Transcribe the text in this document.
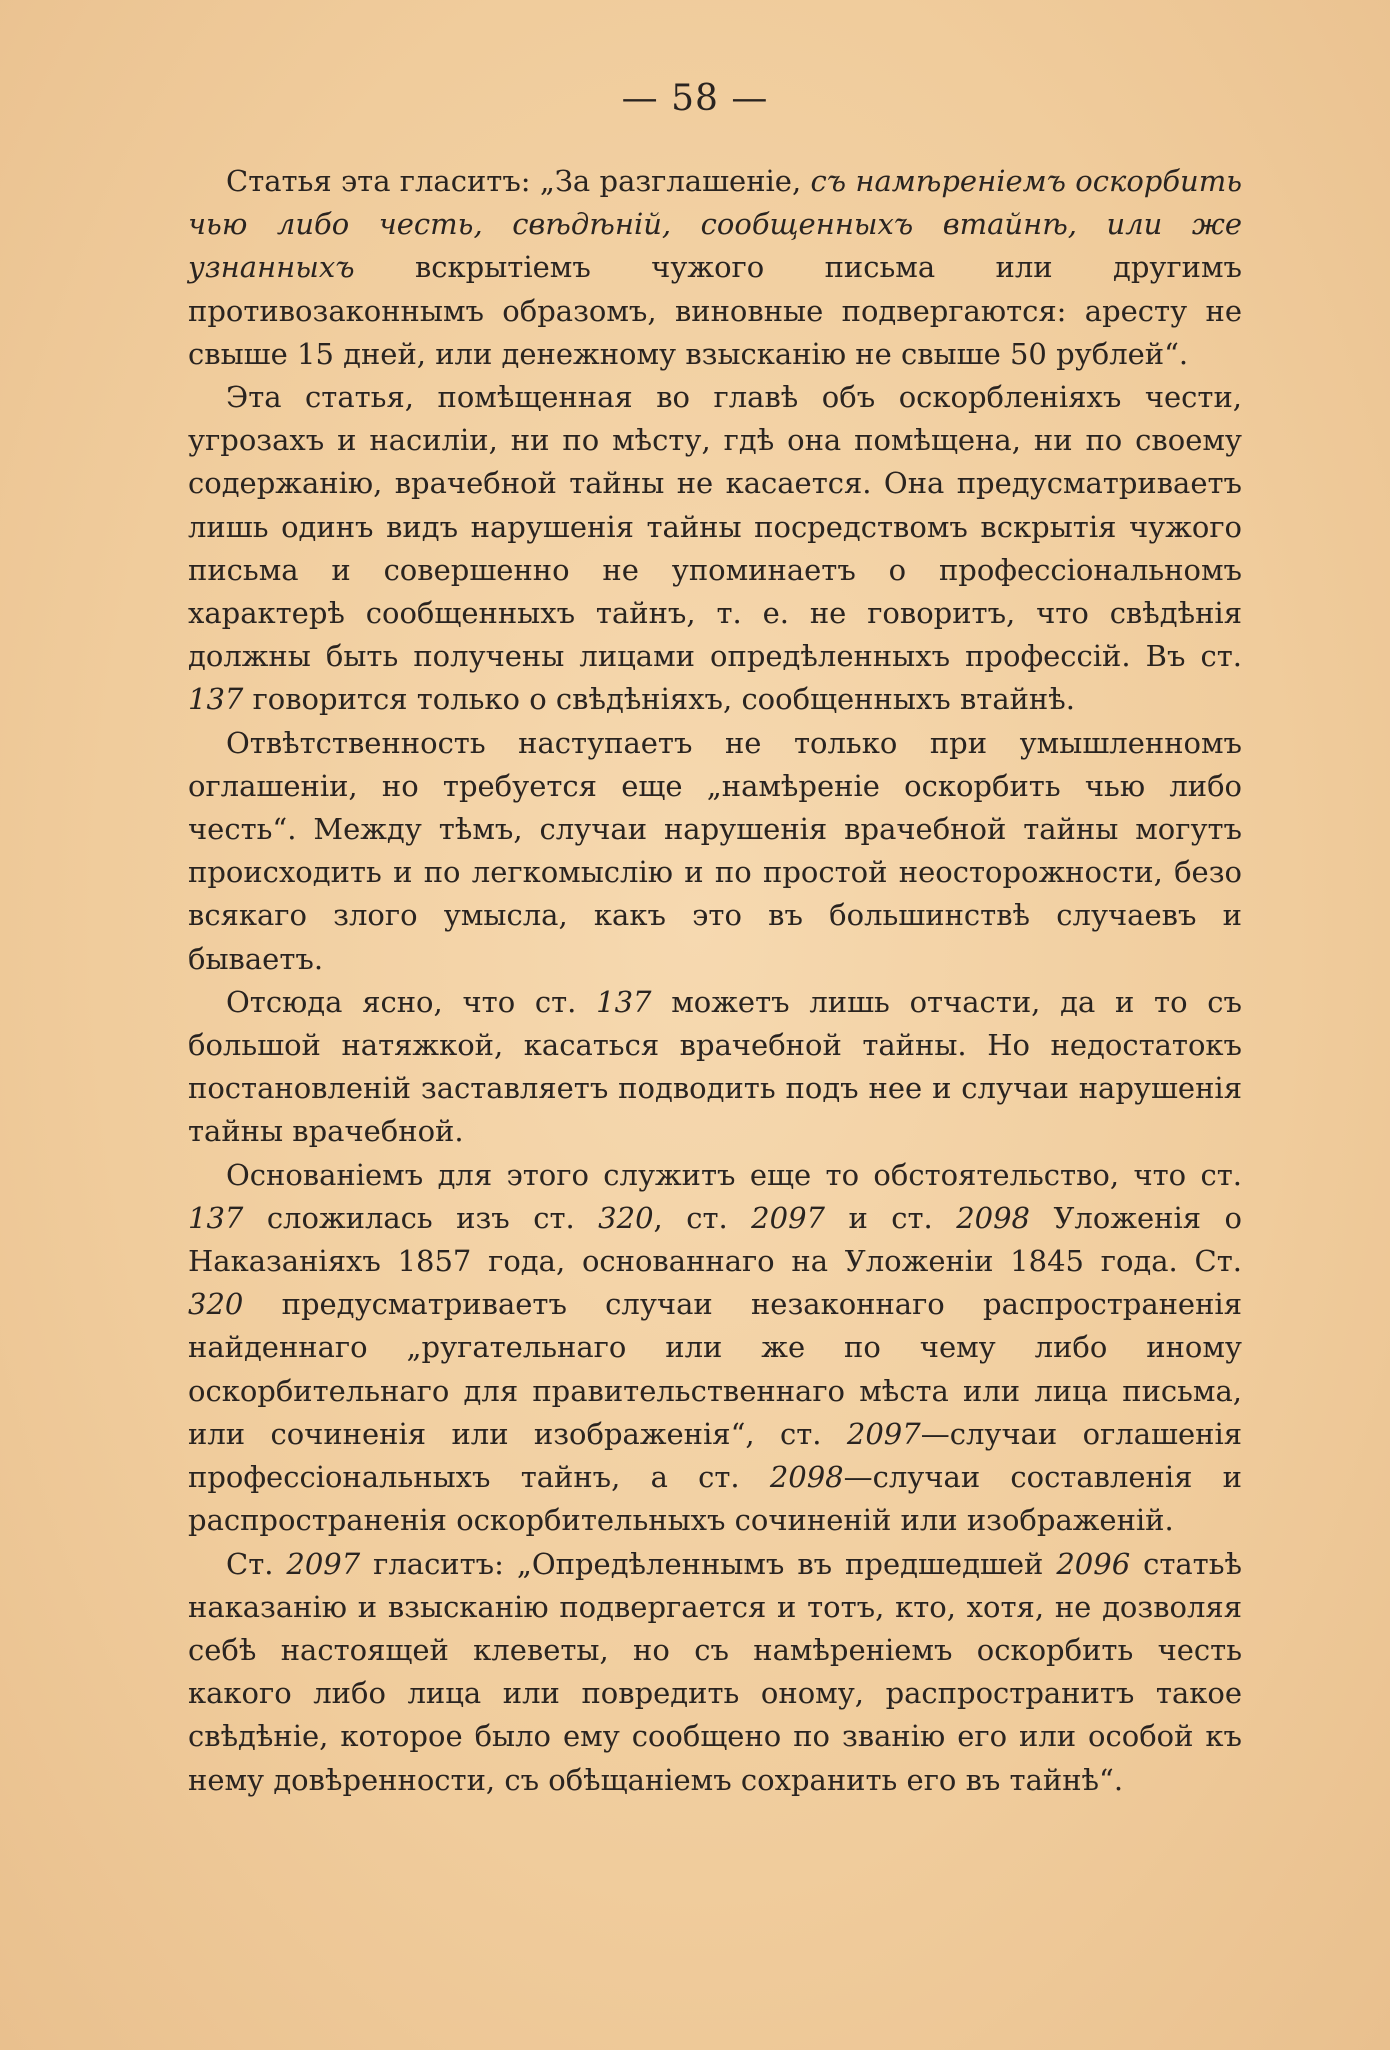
— 58 —

Статья эта гласитъ: „За разглашеніе, съ намѣреніемъ оскорбить чью либо честь, свѣдѣній, сообщенныхъ втайнѣ, или же узнанныхъ вскрытіемъ чужого письма или другимъ противозаконнымъ образомъ, виновные подвергаются: аресту не свыше 15 дней, или денежному взысканію не свыше 50 рублей“.

Эта статья, помѣщенная во главѣ объ оскорбленіяхъ чести, угрозахъ и насиліи, ни по мѣсту, гдѣ она помѣщена, ни по своему содержанію, врачебной тайны не касается. Она предусматриваетъ лишь одинъ видъ нарушенія тайны посредствомъ вскрытія чужого письма и совершенно не упоминаетъ о профессіональномъ характерѣ сообщенныхъ тайнъ, т. е. не говоритъ, что свѣдѣнія должны быть получены лицами опредѣленныхъ профессій. Въ ст. 137 говорится только о свѣдѣніяхъ, сообщенныхъ втайнѣ.

Отвѣтственность наступаетъ не только при умышленномъ оглашеніи, но требуется еще „намѣреніе оскорбить чью либо честь“. Между тѣмъ, случаи нарушенія врачебной тайны могутъ происходить и по легкомыслію и по простой неосторожности, безо всякаго злого умысла, какъ это въ большинствѣ случаевъ и бываетъ.

Отсюда ясно, что ст. 137 можетъ лишь отчасти, да и то съ большой натяжкой, касаться врачебной тайны. Но недостатокъ постановленій заставляетъ подводить подъ нее и случаи нарушенія тайны врачебной.

Основаніемъ для этого служитъ еще то обстоятельство, что ст. 137 сложилась изъ ст. 320, ст. 2097 и ст. 2098 Уложенія о Наказаніяхъ 1857 года, основаннаго на Уложеніи 1845 года. Ст. 320 предусматриваетъ случаи незаконнаго распространенія найденнаго „ругательнаго или же по чему либо иному оскорбительнаго для правительственнаго мѣста или лица письма, или сочиненія или изображенія“, ст. 2097—случаи оглашенія профессіональныхъ тайнъ, а ст. 2098—случаи составленія и распространенія оскорбительныхъ сочиненій или изображеній.

Ст. 2097 гласитъ: „Опредѣленнымъ въ предшедшей 2096 статьѣ наказанію и взысканію подвергается и тотъ, кто, хотя, не дозволяя себѣ настоящей клеветы, но съ намѣреніемъ оскорбить честь какого либо лица или повредить оному, распространитъ такое свѣдѣніе, которое было ему сообщено по званію его или особой къ нему довѣренности, съ обѣщаніемъ сохранить его въ тайнѣ“.
